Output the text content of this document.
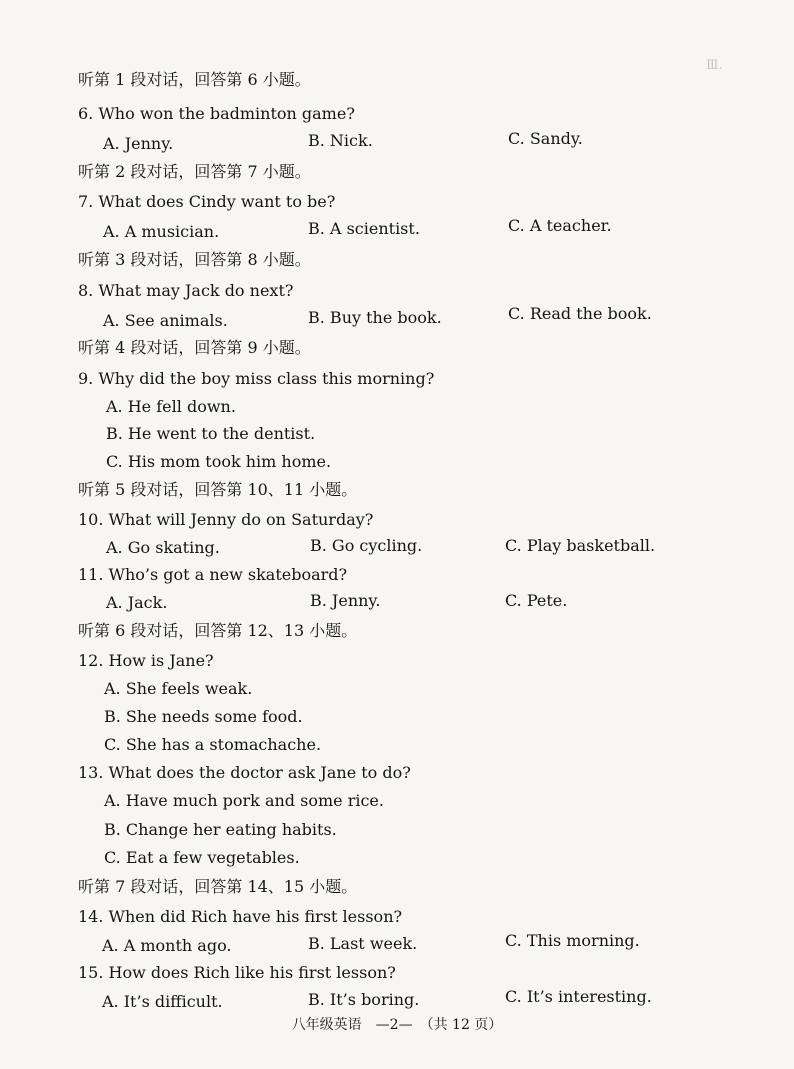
Ⅲ.
听第 1 段对话，回答第 6 小题。
6. Who won the badminton game?
A. Jenny.	B. Nick.	C. Sandy.
听第 2 段对话，回答第 7 小题。
7. What does Cindy want to be?
A. A musician.	B. A scientist.	C. A teacher.
听第 3 段对话，回答第 8 小题。
8. What may Jack do next?
A. See animals.	B. Buy the book.	C. Read the book.
听第 4 段对话，回答第 9 小题。
9. Why did the boy miss class this morning?
A. He fell down.
B. He went to the dentist.
C. His mom took him home.
听第 5 段对话，回答第 10、11 小题。
10. What will Jenny do on Saturday?
A. Go skating.	B. Go cycling.	C. Play basketball.
11. Who’s got a new skateboard?
A. Jack.	B. Jenny.	C. Pete.
听第 6 段对话，回答第 12、13 小题。
12. How is Jane?
A. She feels weak.
B. She needs some food.
C. She has a stomachache.
13. What does the doctor ask Jane to do?
A. Have much pork and some rice.
B. Change her eating habits.
C. Eat a few vegetables.
听第 7 段对话，回答第 14、15 小题。
14. When did Rich have his first lesson?
A. A month ago.	B. Last week.	C. This morning.
15. How does Rich like his first lesson?
A. It’s difficult.	B. It’s boring.	C. It’s interesting.
八年级英语　—2—　（共 12 页）
